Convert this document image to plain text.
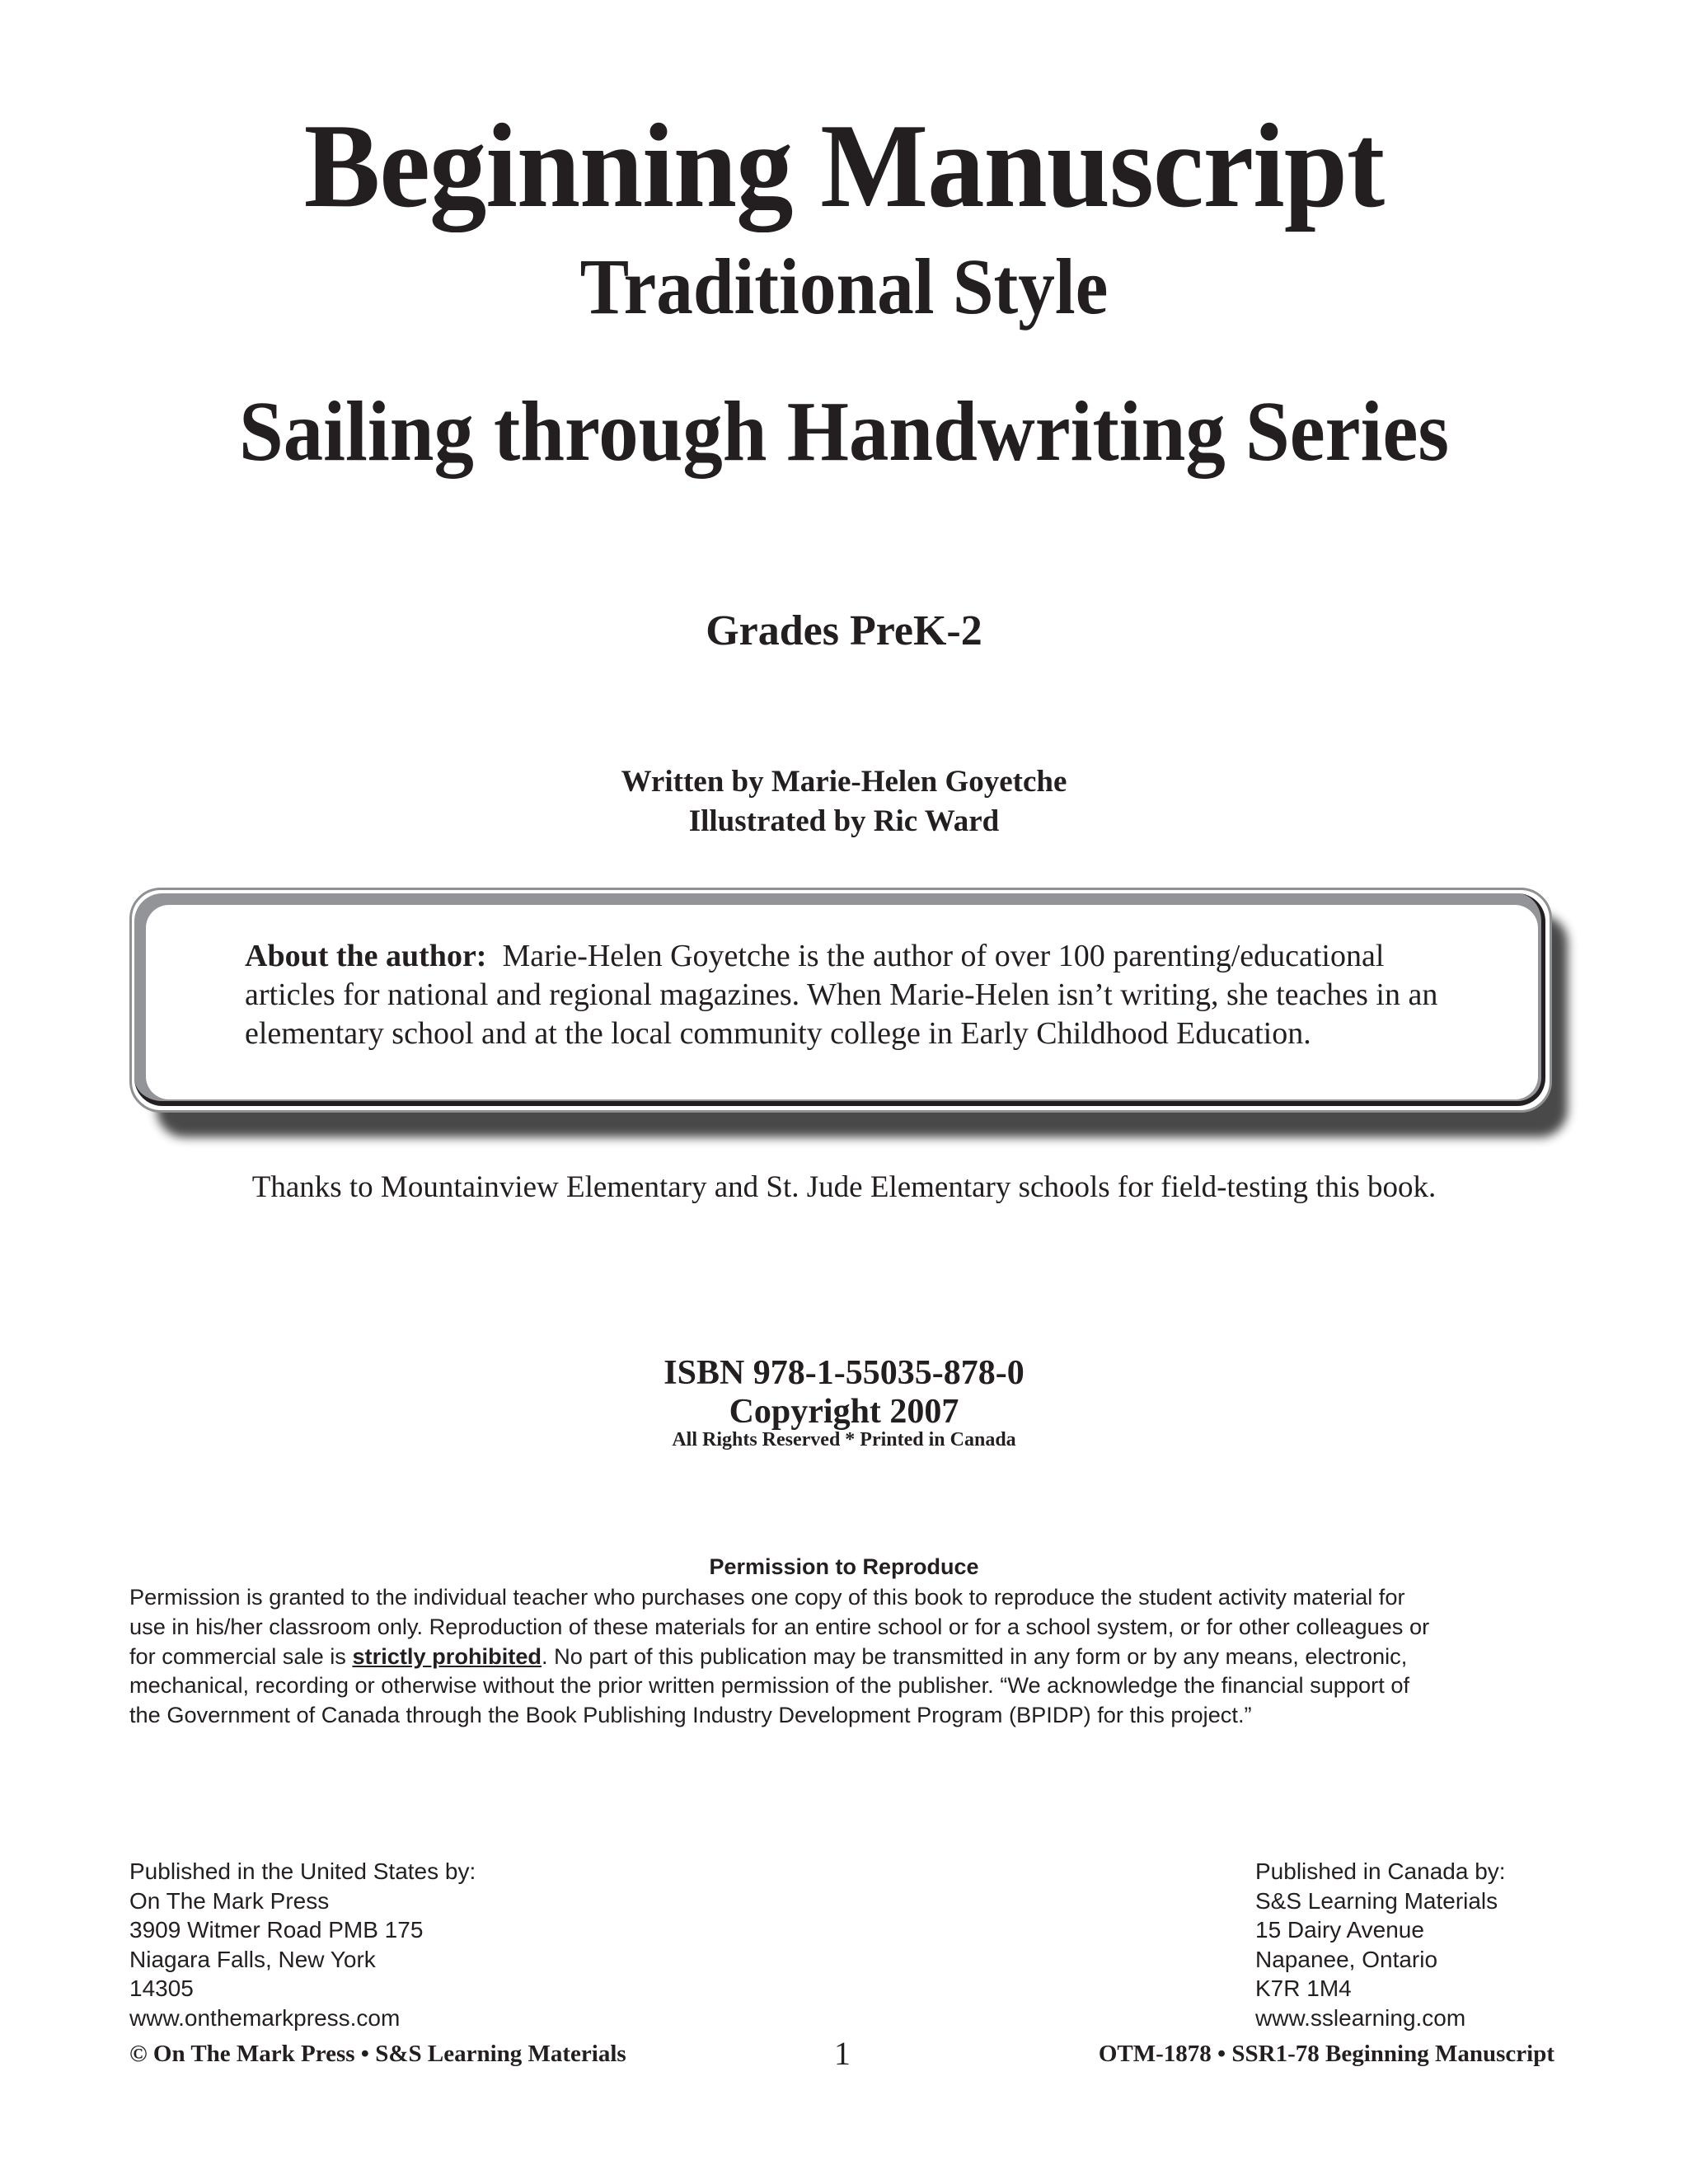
Beginning Manuscript
Traditional Style
Sailing through Handwriting Series
Grades PreK-2
Written by Marie-Helen Goyetche
Illustrated by Ric Ward
About the author: Marie-Helen Goyetche is the author of over 100 parenting/educational
articles for national and regional magazines. When Marie-Helen isn’t writing, she teaches in an
elementary school and at the local community college in Early Childhood Education.
Thanks to Mountainview Elementary and St. Jude Elementary schools for field-testing this book.
ISBN 978-1-55035-878-0
Copyright 2007
All Rights Reserved * Printed in Canada
Permission to Reproduce
Permission is granted to the individual teacher who purchases one copy of this book to reproduce the student activity material for
use in his/her classroom only. Reproduction of these materials for an entire school or for a school system, or for other colleagues or
for commercial sale is strictly prohibited. No part of this publication may be transmitted in any form or by any means, electronic,
mechanical, recording or otherwise without the prior written permission of the publisher. “We acknowledge the financial support of
the Government of Canada through the Book Publishing Industry Development Program (BPIDP) for this project.”
Published in the United States by:
On The Mark Press
3909 Witmer Road PMB 175
Niagara Falls, New York
14305
www.onthemarkpress.com
Published in Canada by:
S&S Learning Materials
15 Dairy Avenue
Napanee, Ontario
K7R 1M4
www.sslearning.com
© On The Mark Press • S&S Learning Materials	1	OTM-1878 • SSR1-78 Beginning Manuscript
